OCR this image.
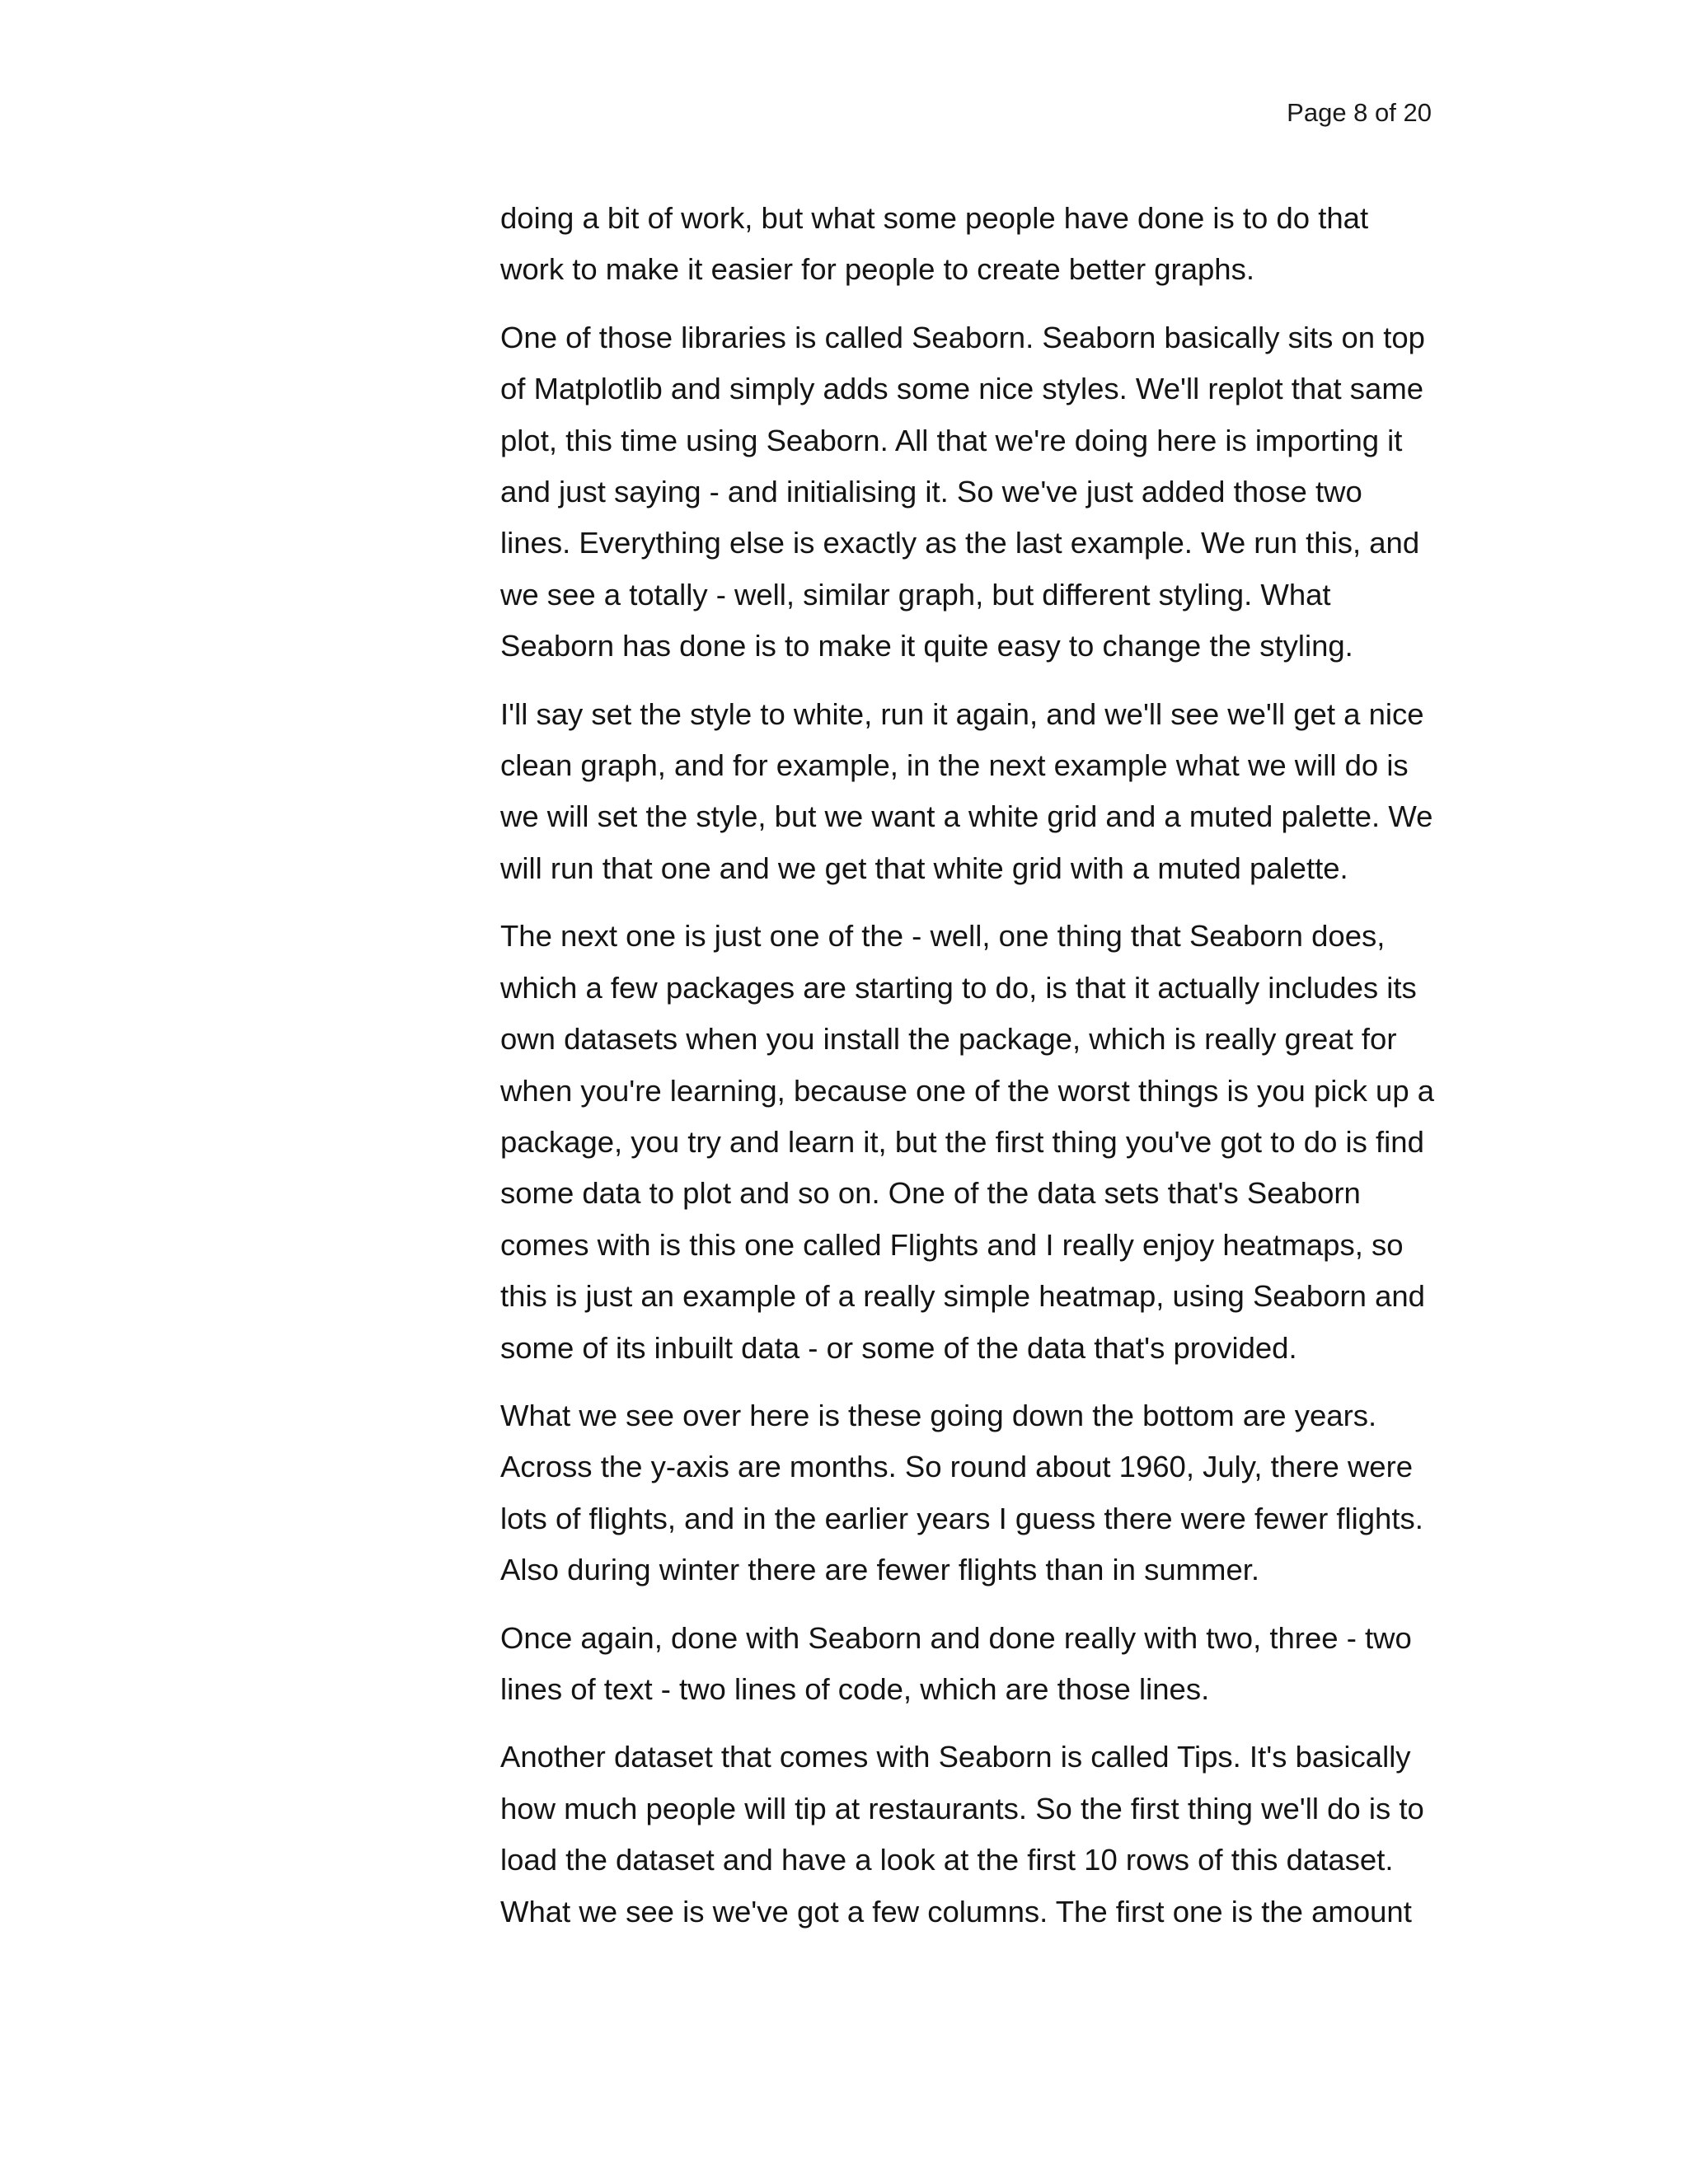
Page 8 of 20

doing a bit of work, but what some people have done is to do that
work to make it easier for people to create better graphs.

One of those libraries is called Seaborn. Seaborn basically sits on top
of Matplotlib and simply adds some nice styles. We'll replot that same
plot, this time using Seaborn. All that we're doing here is importing it
and just saying - and initialising it. So we've just added those two
lines. Everything else is exactly as the last example. We run this, and
we see a totally - well, similar graph, but different styling. What
Seaborn has done is to make it quite easy to change the styling.

I'll say set the style to white, run it again, and we'll see we'll get a nice
clean graph, and for example, in the next example what we will do is
we will set the style, but we want a white grid and a muted palette. We
will run that one and we get that white grid with a muted palette.

The next one is just one of the - well, one thing that Seaborn does,
which a few packages are starting to do, is that it actually includes its
own datasets when you install the package, which is really great for
when you're learning, because one of the worst things is you pick up a
package, you try and learn it, but the first thing you've got to do is find
some data to plot and so on. One of the data sets that's Seaborn
comes with is this one called Flights and I really enjoy heatmaps, so
this is just an example of a really simple heatmap, using Seaborn and
some of its inbuilt data - or some of the data that's provided.

What we see over here is these going down the bottom are years.
Across the y-axis are months. So round about 1960, July, there were
lots of flights, and in the earlier years I guess there were fewer flights.
Also during winter there are fewer flights than in summer.

Once again, done with Seaborn and done really with two, three - two
lines of text - two lines of code, which are those lines.

Another dataset that comes with Seaborn is called Tips. It's basically
how much people will tip at restaurants. So the first thing we'll do is to
load the dataset and have a look at the first 10 rows of this dataset.
What we see is we've got a few columns. The first one is the amount
